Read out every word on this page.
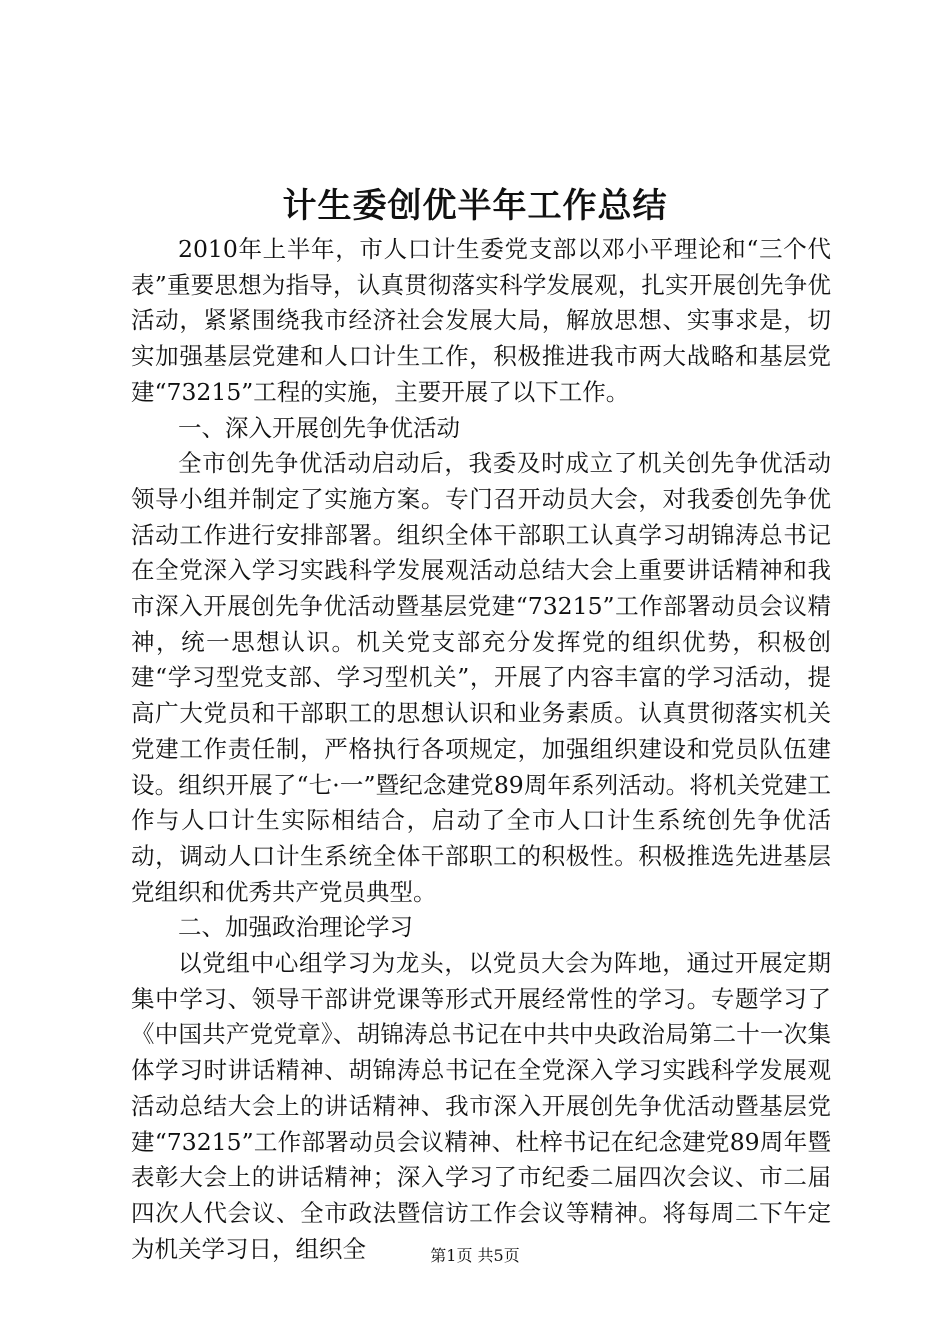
计生委创优半年工作总结

2010年上半年，市人口计生委党支部以邓小平理论和“三个代表”重要思想为指导，认真贯彻落实科学发展观，扎实开展创先争优活动，紧紧围绕我市经济社会发展大局，解放思想、实事求是，切实加强基层党建和人口计生工作，积极推进我市两大战略和基层党建“73215”工程的实施，主要开展了以下工作。

一、深入开展创先争优活动

全市创先争优活动启动后，我委及时成立了机关创先争优活动领导小组并制定了实施方案。专门召开动员大会，对我委创先争优活动工作进行安排部署。组织全体干部职工认真学习胡锦涛总书记在全党深入学习实践科学发展观活动总结大会上重要讲话精神和我市深入开展创先争优活动暨基层党建“73215”工作部署动员会议精神，统一思想认识。机关党支部充分发挥党的组织优势，积极创建“学习型党支部、学习型机关”，开展了内容丰富的学习活动，提高广大党员和干部职工的思想认识和业务素质。认真贯彻落实机关党建工作责任制，严格执行各项规定，加强组织建设和党员队伍建设。组织开展了“七·一”暨纪念建党89周年系列活动。将机关党建工作与人口计生实际相结合，启动了全市人口计生系统创先争优活动，调动人口计生系统全体干部职工的积极性。积极推选先进基层党组织和优秀共产党员典型。

二、加强政治理论学习

以党组中心组学习为龙头，以党员大会为阵地，通过开展定期集中学习、领导干部讲党课等形式开展经常性的学习。专题学习了《中国共产党党章》、胡锦涛总书记在中共中央政治局第二十一次集体学习时讲话精神、胡锦涛总书记在全党深入学习实践科学发展观活动总结大会上的讲话精神、我市深入开展创先争优活动暨基层党建“73215”工作部署动员会议精神、杜梓书记在纪念建党89周年暨表彰大会上的讲话精神；深入学习了市纪委二届四次会议、市二届四次人代会议、全市政法暨信访工作会议等精神。将每周二下午定为机关学习日，组织全	第1页 共5页
